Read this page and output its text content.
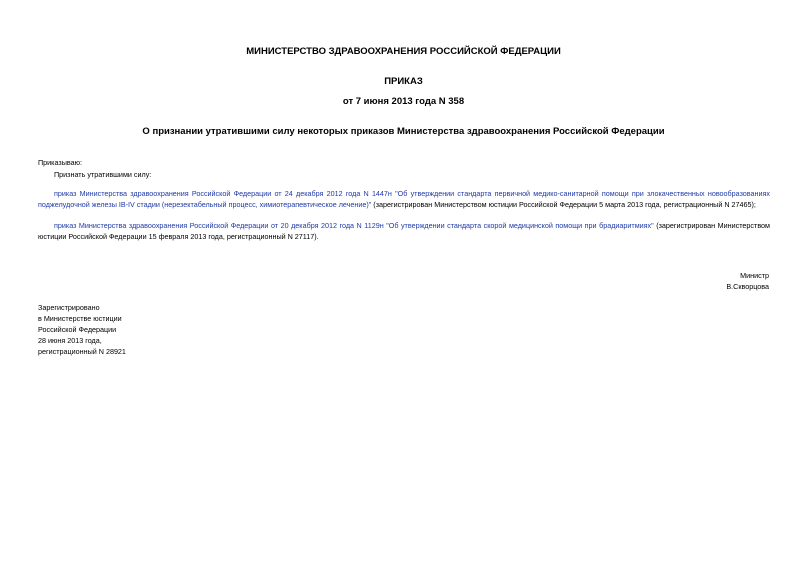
МИНИСТЕРСТВО ЗДРАВООХРАНЕНИЯ РОССИЙСКОЙ ФЕДЕРАЦИИ
ПРИКАЗ
от 7 июня 2013 года N 358
О признании утратившими силу некоторых приказов Министерства здравоохранения Российской Федерации
Приказываю:
Признать утратившими силу:
приказ Министерства здравоохранения Российской Федерации от 24 декабря 2012 года N 1447н "Об утверждении стандарта первичной медико-санитарной помощи при злокачественных новообразованиях поджелудочной железы IB-IV стадии (нерезектабельный процесс, химиотерапевтическое лечение)" (зарегистрирован Министерством юстиции Российской Федерации 5 марта 2013 года, регистрационный N 27465);
приказ Министерства здравоохранения Российской Федерации от 20 декабря 2012 года N 1129н "Об утверждении стандарта скорой медицинской помощи при брадиаритмиях" (зарегистрирован Министерством юстиции Российской Федерации 15 февраля 2013 года, регистрационный N 27117).
Министр
В.Скворцова
Зарегистрировано
в Министерстве юстиции
Российской Федерации
28 июня 2013 года,
регистрационный N 28921
